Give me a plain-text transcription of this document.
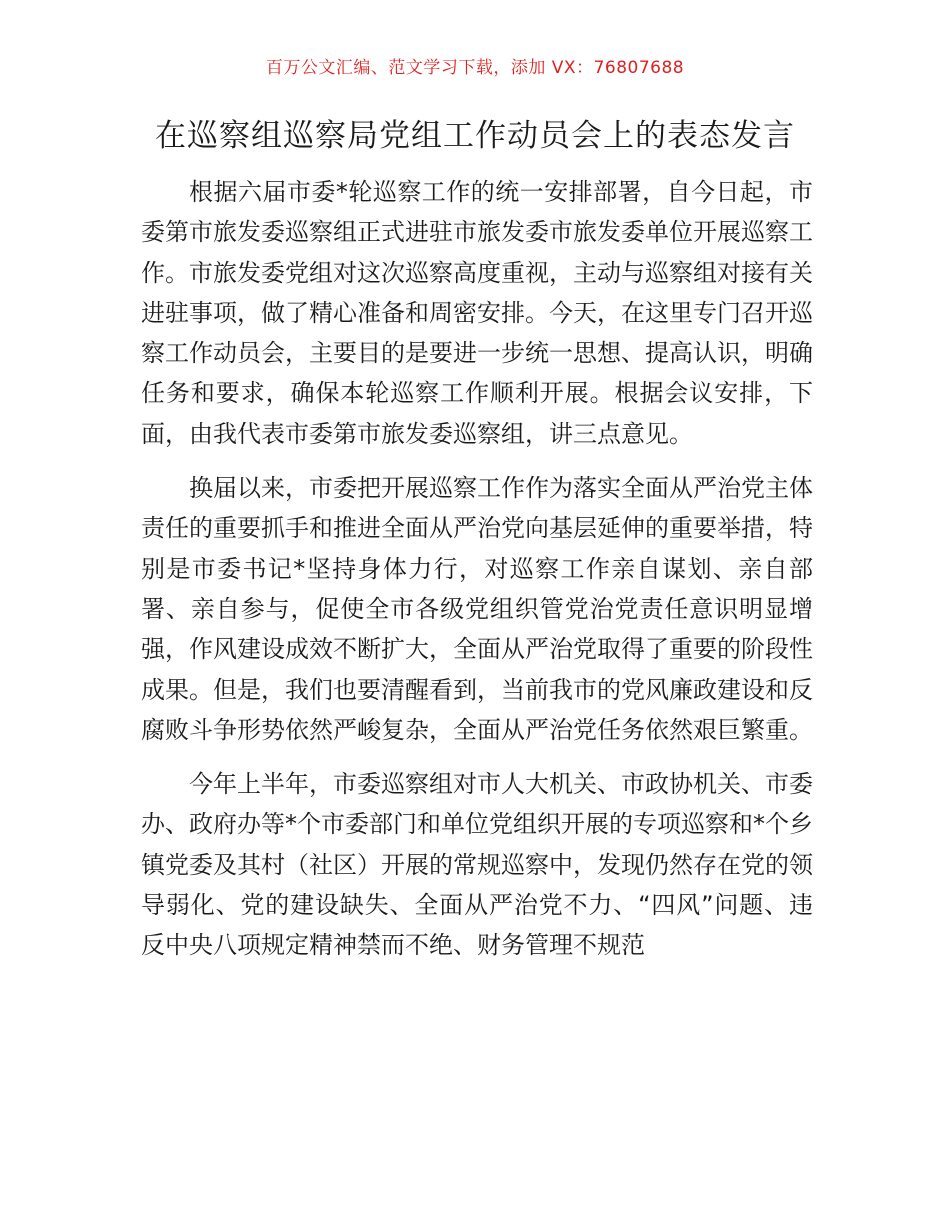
百万公文汇编、范文学习下载，添加 VX：76807688
在巡察组巡察局党组工作动员会上的表态发言

根据六届市委*轮巡察工作的统一安排部署，自今日起，市委第市旅发委巡察组正式进驻市旅发委市旅发委单位开展巡察工作。市旅发委党组对这次巡察高度重视，主动与巡察组对接有关进驻事项，做了精心准备和周密安排。今天，在这里专门召开巡察工作动员会，主要目的是要进一步统一思想、提高认识，明确任务和要求，确保本轮巡察工作顺利开展。根据会议安排，下面，由我代表市委第市旅发委巡察组，讲三点意见。

换届以来，市委把开展巡察工作作为落实全面从严治党主体责任的重要抓手和推进全面从严治党向基层延伸的重要举措，特别是市委书记*坚持身体力行，对巡察工作亲自谋划、亲自部署、亲自参与，促使全市各级党组织管党治党责任意识明显增强，作风建设成效不断扩大，全面从严治党取得了重要的阶段性成果。但是，我们也要清醒看到，当前我市的党风廉政建设和反腐败斗争形势依然严峻复杂，全面从严治党任务依然艰巨繁重。

今年上半年，市委巡察组对市人大机关、市政协机关、市委办、政府办等*个市委部门和单位党组织开展的专项巡察和*个乡镇党委及其村（社区）开展的常规巡察中，发现仍然存在党的领导弱化、党的建设缺失、全面从严治党不力、“四风”问题、违反中央八项规定精神禁而不绝、财务管理不规范
